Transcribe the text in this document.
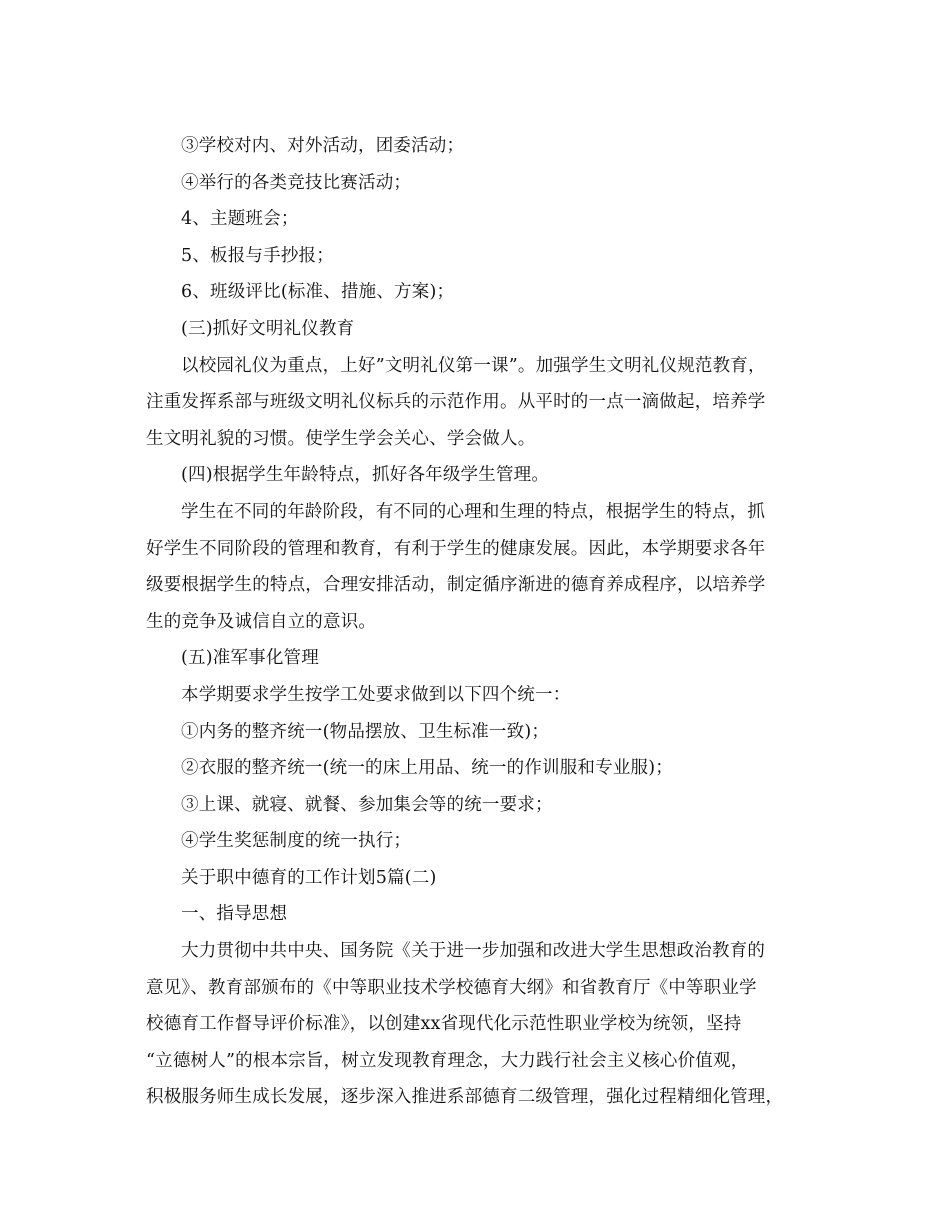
③学校对内、对外活动，团委活动；
④举行的各类竞技比赛活动；
4、主题班会；
5、板报与手抄报；
6、班级评比(标准、措施、方案)；
(三)抓好文明礼仪教育
以校园礼仪为重点，上好”文明礼仪第一课”。加强学生文明礼仪规范教育，
注重发挥系部与班级文明礼仪标兵的示范作用。从平时的一点一滴做起，培养学
生文明礼貌的习惯。使学生学会关心、学会做人。
(四)根据学生年龄特点，抓好各年级学生管理。
学生在不同的年龄阶段，有不同的心理和生理的特点，根据学生的特点，抓
好学生不同阶段的管理和教育，有利于学生的健康发展。因此，本学期要求各年
级要根据学生的特点，合理安排活动，制定循序渐进的德育养成程序，以培养学
生的竞争及诚信自立的意识。
(五)准军事化管理
本学期要求学生按学工处要求做到以下四个统一：
①内务的整齐统一(物品摆放、卫生标准一致)；
②衣服的整齐统一(统一的床上用品、统一的作训服和专业服)；
③上课、就寝、就餐、参加集会等的统一要求；
④学生奖惩制度的统一执行；
关于职中德育的工作计划5篇(二)
一、指导思想
大力贯彻中共中央、国务院《关于进一步加强和改进大学生思想政治教育的
意见》、教育部颁布的《中等职业技术学校德育大纲》和省教育厅《中等职业学
校德育工作督导评价标准》，以创建xx省现代化示范性职业学校为统领，坚持
“立德树人”的根本宗旨，树立发现教育理念，大力践行社会主义核心价值观，
积极服务师生成长发展，逐步深入推进系部德育二级管理，强化过程精细化管理，
